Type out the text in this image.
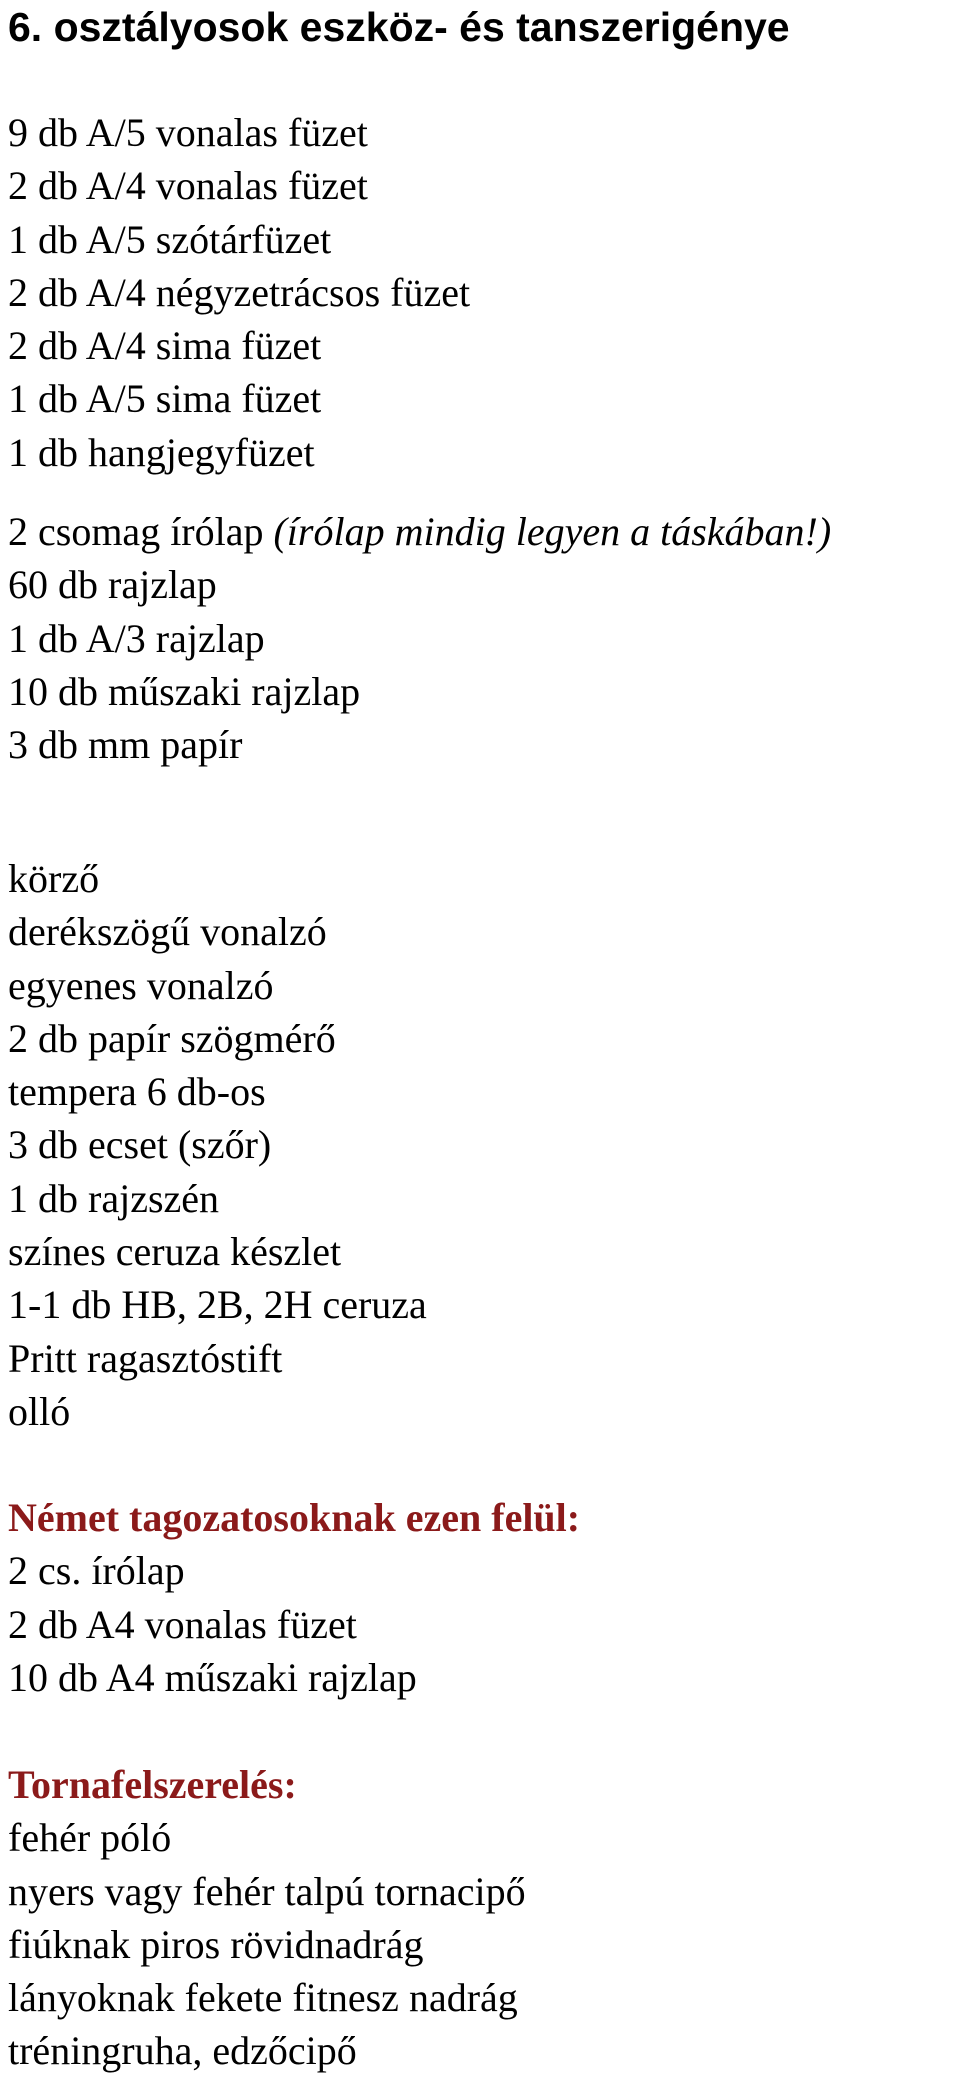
6. osztályosok eszköz- és tanszerigénye
9 db A/5 vonalas füzet
2 db A/4 vonalas füzet
1 db A/5 szótárfüzet
2 db A/4 négyzetrácsos füzet
2 db A/4 sima füzet
1 db A/5 sima füzet
1 db hangjegyfüzet
2 csomag írólap (írólap mindig legyen a táskában!)
60 db rajzlap
1 db A/3 rajzlap
10 db műszaki rajzlap
3 db mm papír
körző
derékszögű vonalzó
egyenes vonalzó
2 db papír szögmérő
tempera 6 db-os
3 db ecset (szőr)
1 db rajzszén
színes ceruza készlet
1-1 db HB, 2B, 2H ceruza
Pritt ragasztóstift
olló
Német tagozatosoknak ezen felül:
2 cs. írólap
2 db A4 vonalas füzet
10 db A4 műszaki rajzlap
Tornafelszerelés:
fehér póló
nyers vagy fehér talpú tornacipő
fiúknak piros rövidnadrág
lányoknak fekete fitnesz nadrág
tréningruha, edzőcipő
